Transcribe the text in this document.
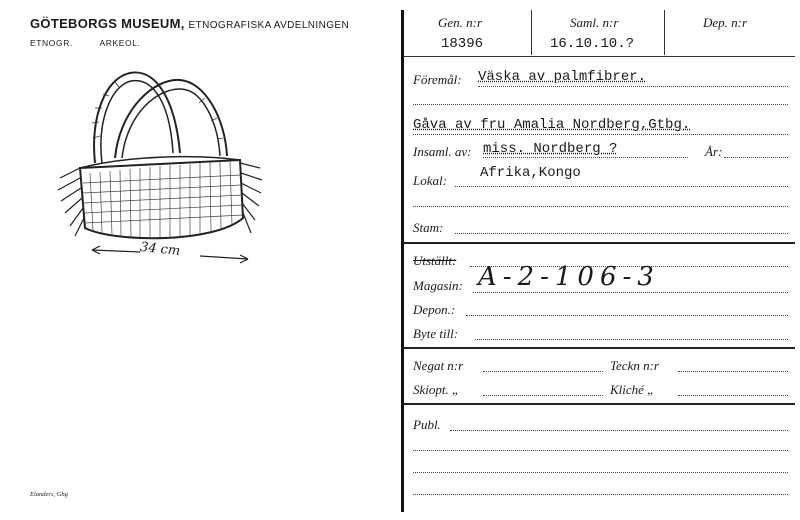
GÖTEBORGS MUSEUM, ETNOGRAFISKA AVDELNINGEN
ETNOGR.	ARKEOL.
34 cm
Elanders, Gbg
Gen. n:r
18396
Saml. n:r
16.10.10.?
Dep. n:r
Föremål: Väska av palmfibrer.
Gåva av fru Amalia Nordberg,Gtbg.
Insaml. av: miss. Nordberg ?	År:
Lokal: Afrika,Kongo
Stam:
Utställt:
Magasin: A-2-106-3
Depon.:
Byte till:
Negat n:r	Teckn n:r
Skiopt. „	Kliché „
Publ.
